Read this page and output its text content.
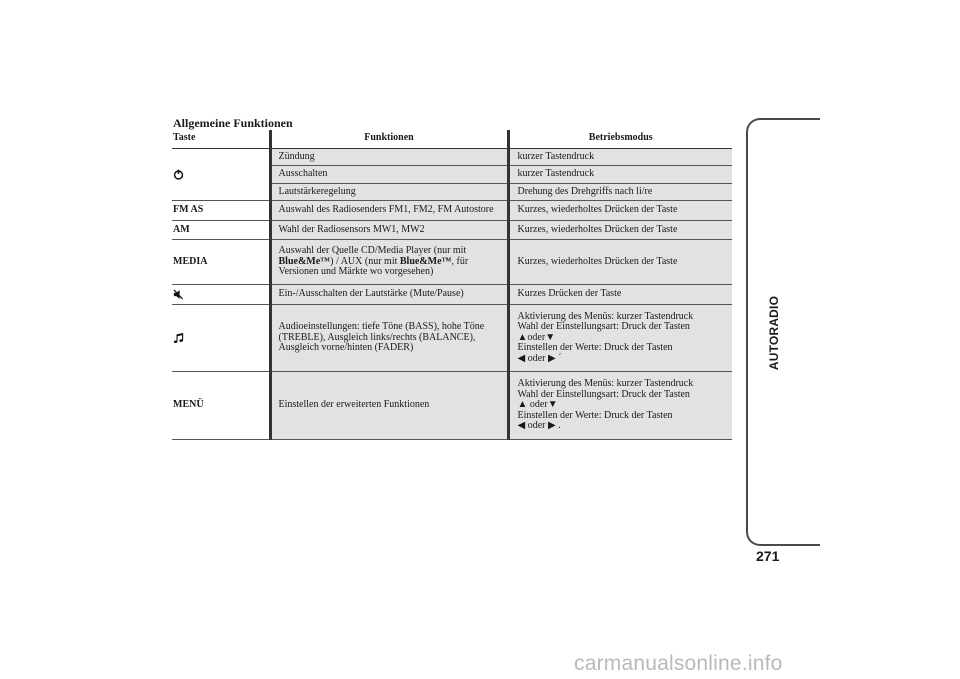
Allgemeine Funktionen
Taste	Funktionen	Betriebsmodus
	Zündung	kurzer Tastendruck
	Ausschalten	kurzer Tastendruck
	Lautstärkeregelung	Drehung des Drehgriffs nach li/re
FM AS	Auswahl des Radiosenders FM1, FM2, FM Autostore	Kurzes, wiederholtes Drücken der Taste
AM	Wahl der Radiosensors MW1, MW2	Kurzes, wiederholtes Drücken der Taste
MEDIA	Auswahl der Quelle CD/Media Player (nur mit Blue&Me™) / AUX (nur mit Blue&Me™, für Versionen und Märkte wo vorgesehen)	Kurzes, wiederholtes Drücken der Taste
	Ein-/Ausschalten der Lautstärke (Mute/Pause)	Kurzes Drücken der Taste
	Audioeinstellungen: tiefe Töne (BASS), hohe Töne (TREBLE), Ausgleich links/rechts (BALANCE), Ausgleich vorne/hinten (FADER)	Aktivierung des Menüs: kurzer Tastendruck
Wahl der Einstellungsart: Druck der Tasten
▲oder▼
Einstellen der Werte: Druck der Tasten
◀ oder ▶ ´

MENÜ	Einstellen der erweiterten Funktionen	Aktivierung des Menüs: kurzer Tastendruck
Wahl der Einstellungsart: Druck der Tasten
▲ oder▼
Einstellen der Werte: Druck der Tasten
◀ oder ▶ .
AUTORADIO
271
carmanualsonline.info
